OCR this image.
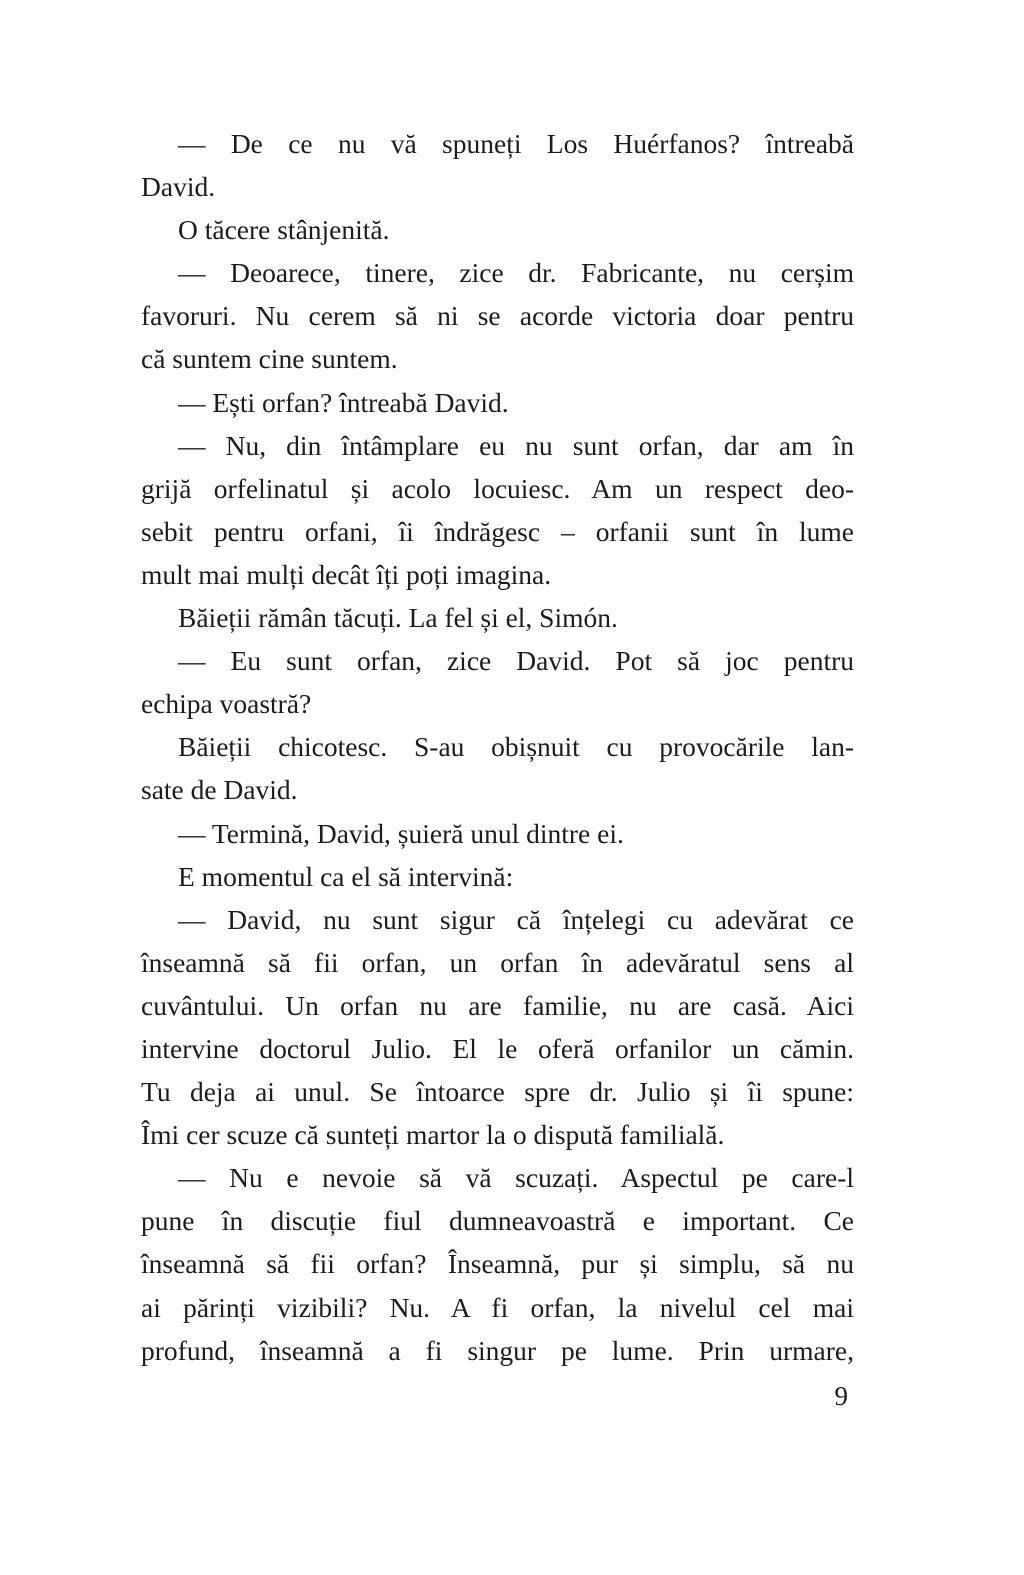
— De ce nu vă spuneți Los Huérfanos? întreabă
David.
O tăcere stânjenită.
— Deoarece, tinere, zice dr. Fabricante, nu cerșim
favoruri. Nu cerem să ni se acorde victoria doar pentru
că suntem cine suntem.
— Ești orfan? întreabă David.
— Nu, din întâmplare eu nu sunt orfan, dar am în
grijă orfelinatul și acolo locuiesc. Am un respect deo-
sebit pentru orfani, îi îndrăgesc – orfanii sunt în lume
mult mai mulți decât îți poți imagina.
Băieții rămân tăcuți. La fel și el, Simón.
— Eu sunt orfan, zice David. Pot să joc pentru
echipa voastră?
Băieții chicotesc. S-au obișnuit cu provocările lan-
sate de David.
— Termină, David, șuieră unul dintre ei.
E momentul ca el să intervină:
— David, nu sunt sigur că înțelegi cu adevărat ce
înseamnă să fii orfan, un orfan în adevăratul sens al
cuvântului. Un orfan nu are familie, nu are casă. Aici
intervine doctorul Julio. El le oferă orfanilor un cămin.
Tu deja ai unul. Se întoarce spre dr. Julio și îi spune:
Îmi cer scuze că sunteți martor la o dispută familială.
— Nu e nevoie să vă scuzați. Aspectul pe care-l
pune în discuție fiul dumneavoastră e important. Ce
înseamnă să fii orfan? Înseamnă, pur și simplu, să nu
ai părinți vizibili? Nu. A fi orfan, la nivelul cel mai
profund, înseamnă a fi singur pe lume. Prin urmare,
9
